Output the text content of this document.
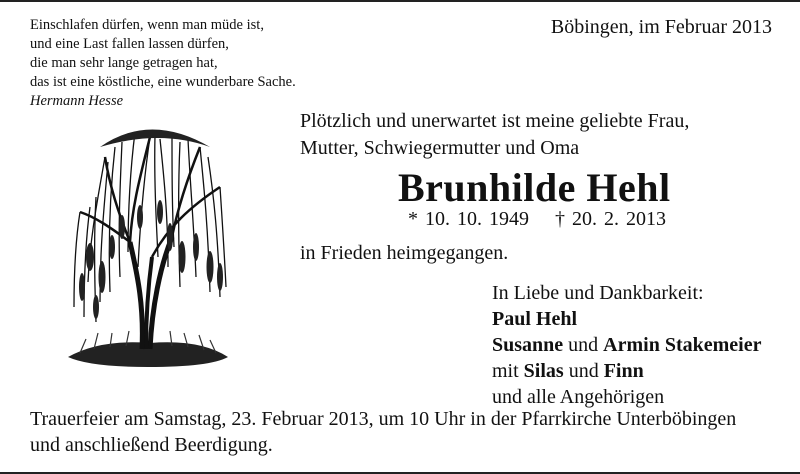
Einschlafen dürfen, wenn man müde ist,
und eine Last fallen lassen dürfen,
die man sehr lange getragen hat,
das ist eine köstliche, eine wunderbare Sache.
Hermann Hesse
Böbingen, im Februar 2013
Plötzlich und unerwartet ist meine geliebte Frau,
Mutter, Schwiegermutter und Oma
Brunhilde Hehl
* 10. 10. 1949 † 20. 2. 2013
in Frieden heimgegangen.
In Liebe und Dankbarkeit:
Paul Hehl
Susanne und Armin Stakemeier
mit Silas und Finn
und alle Angehörigen
Trauerfeier am Samstag, 23. Februar 2013, um 10 Uhr in der Pfarrkirche Unterböbingen
und anschließend Beerdigung.
